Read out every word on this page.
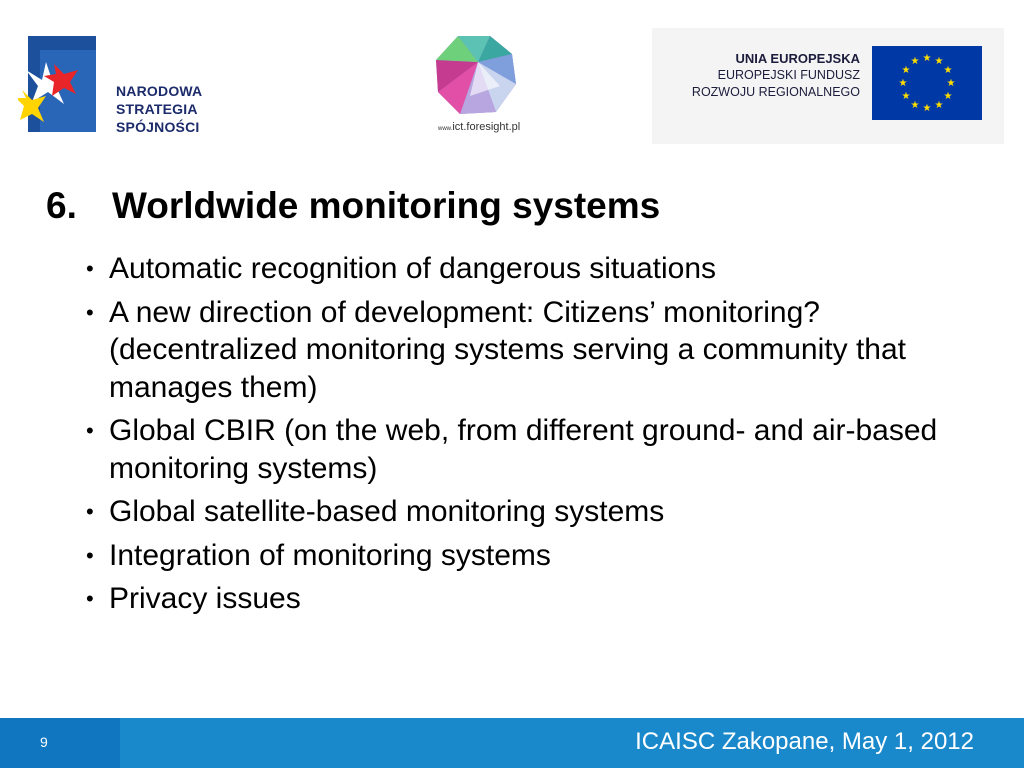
NARODOWA
STRATEGIA SPÓJNOŚCI	www.ict.foresight.pl
UNIA EUROPEJSKA
EUROPEJSKI FUNDUSZ
ROZWOJU REGIONALNEGO
★ ★
★
★
★
★
★
★
★
★
★
★
6. Worldwide monitoring systems
• Automatic recognition of dangerous situations
• A new direction of development: Citizens’ monitoring? (decentralized monitoring systems serving a community that manages them)
• Global CBIR (on the web, from different ground- and air-based monitoring systems)
• Global satellite-based monitoring systems
• Integration of monitoring systems
• Privacy issues
9	ICAISC Zakopane, May 1, 2012
